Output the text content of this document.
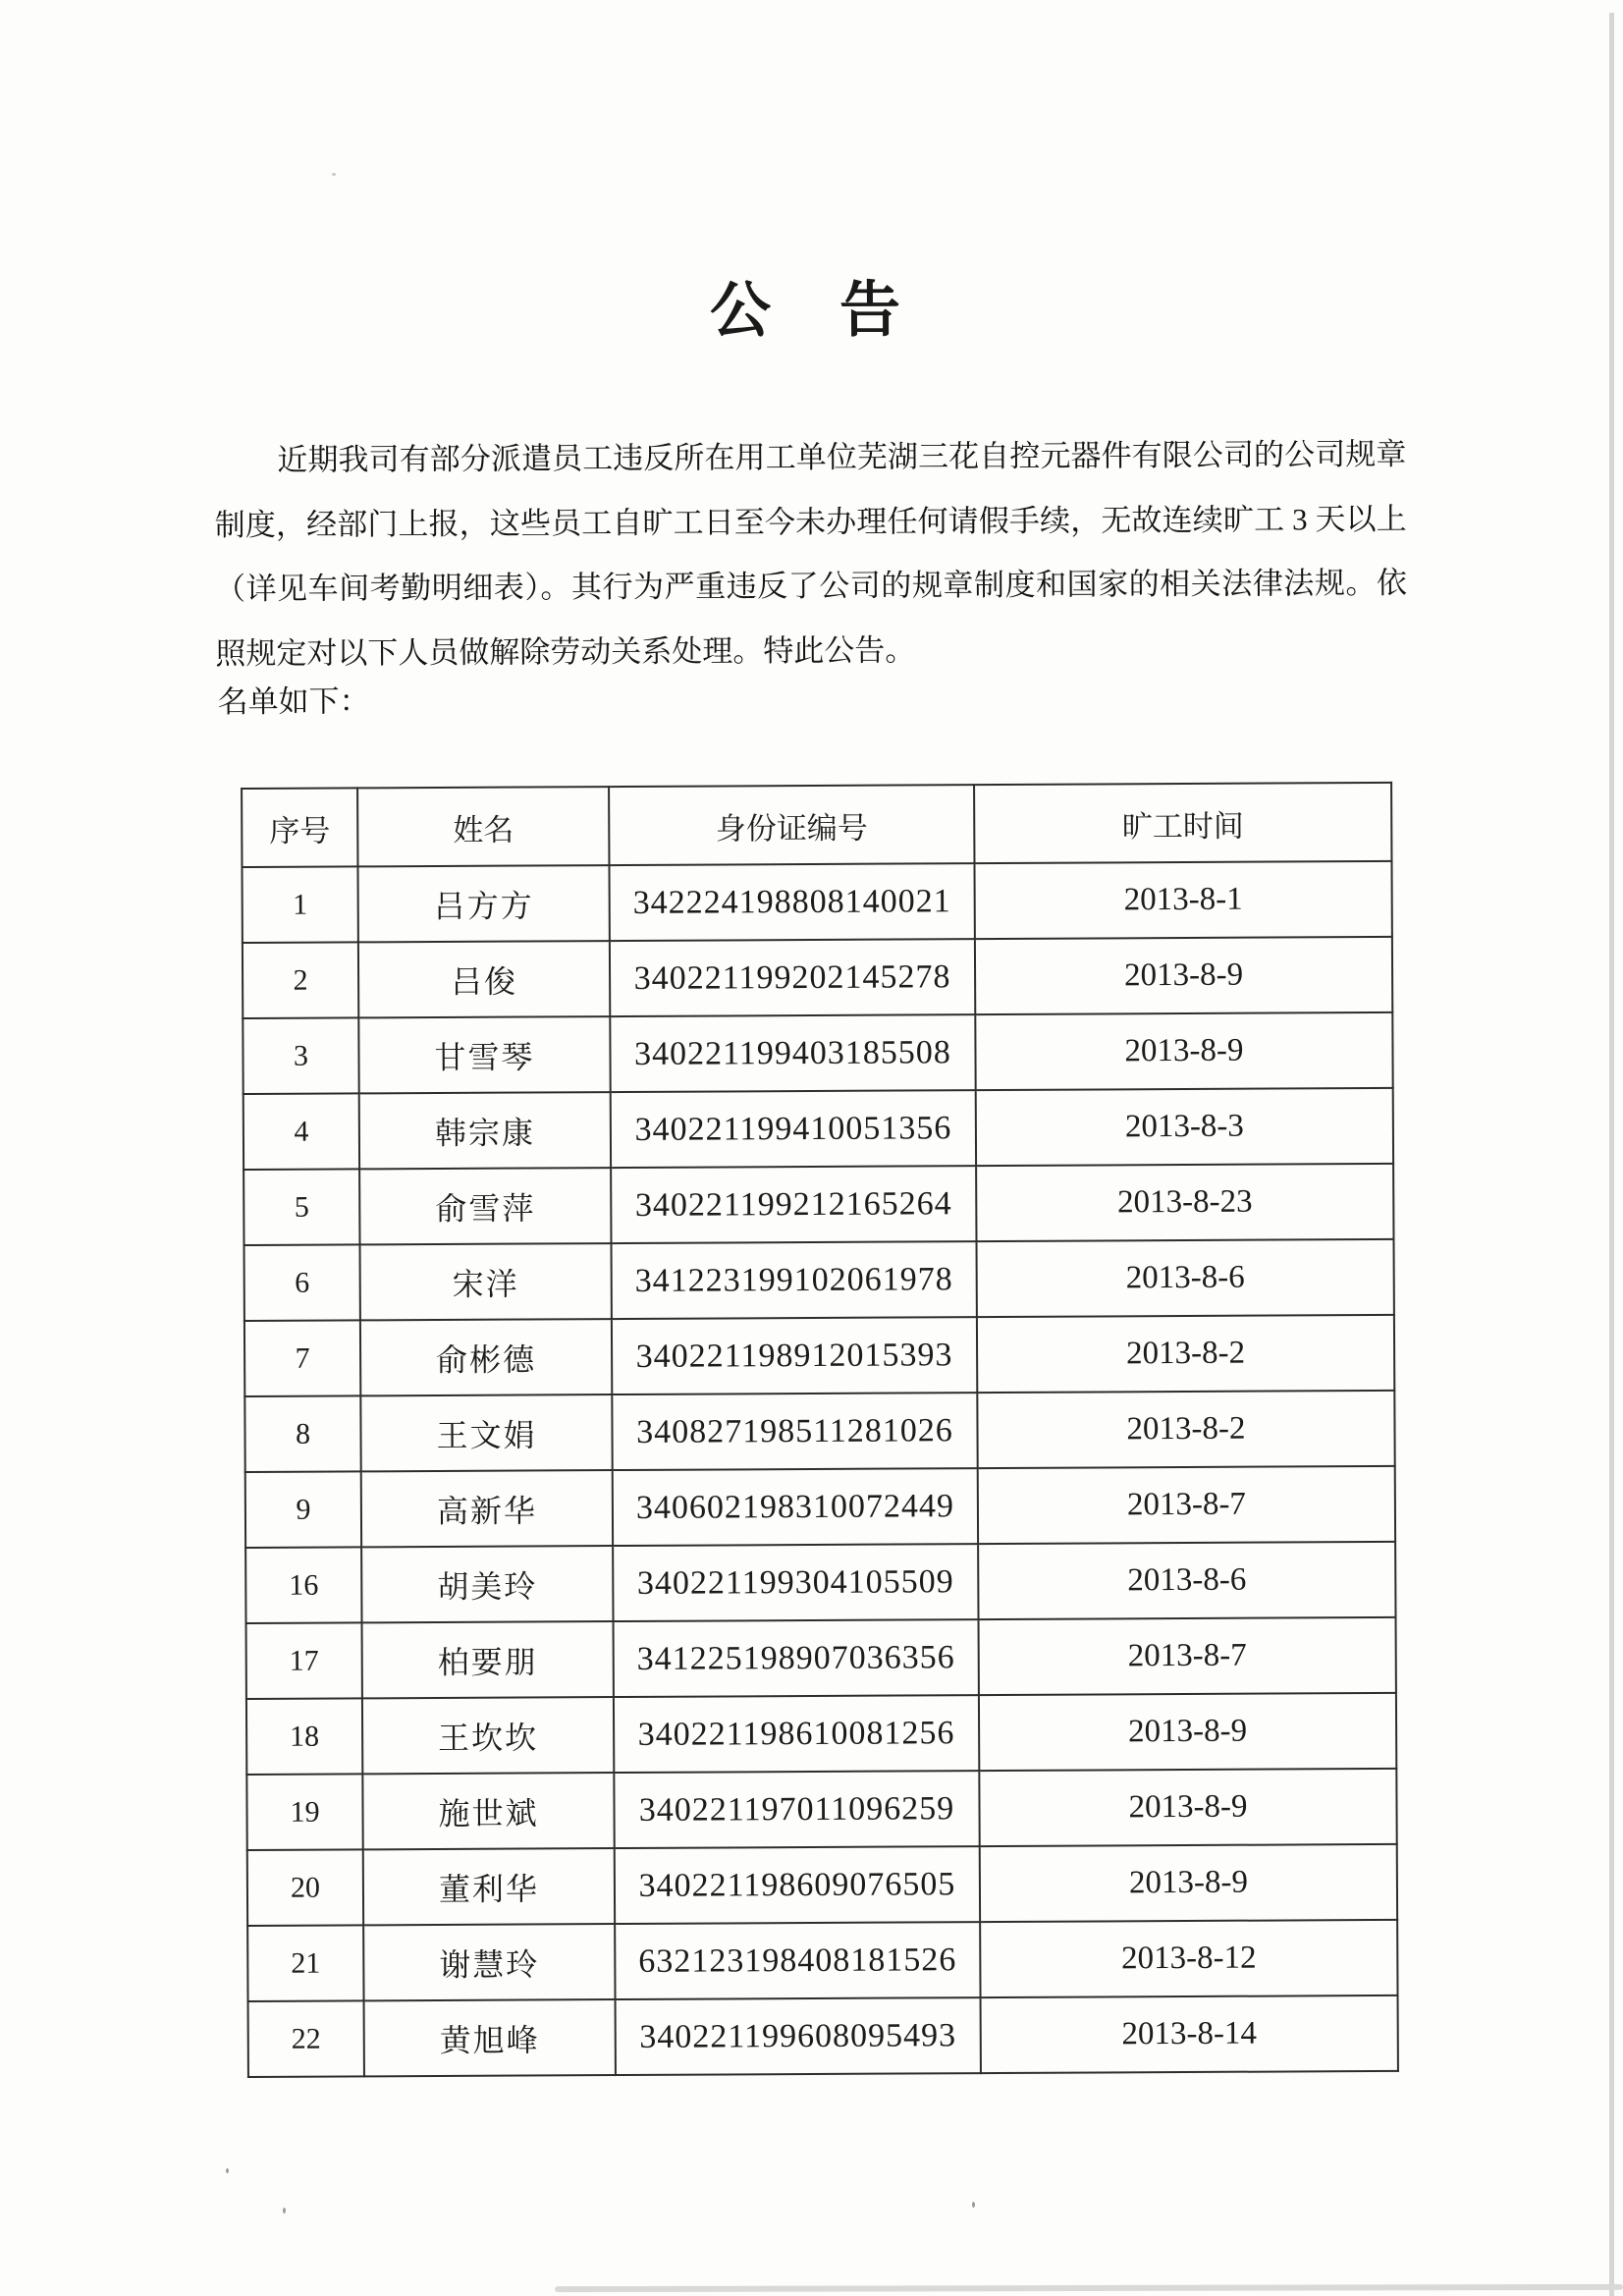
公　告

近期我司有部分派遣员工违反所在用工单位芜湖三花自控元器件有限公司的公司规章制度，经部门上报，这些员工自旷工日至今未办理任何请假手续，无故连续旷工 3 天以上（详见车间考勤明细表）。其行为严重违反了公司的规章制度和国家的相关法律法规。依照规定对以下人员做解除劳动关系处理。特此公告。

名单如下：
序号	姓名	身份证编号	旷工时间
1	吕方方	342224198808140021	2013-8-1
2	吕俊	340221199202145278	2013-8-9
3	甘雪琴	340221199403185508	2013-8-9
4	韩宗康	340221199410051356	2013-8-3
5	俞雪萍	340221199212165264	2013-8-23
6	宋洋	341223199102061978	2013-8-6
7	俞彬德	340221198912015393	2013-8-2
8	王文娟	340827198511281026	2013-8-2
9	高新华	340602198310072449	2013-8-7
16	胡美玲	340221199304105509	2013-8-6
17	柏要朋	341225198907036356	2013-8-7
18	王坎坎	340221198610081256	2013-8-9
19	施世斌	340221197011096259	2013-8-9
20	董利华	340221198609076505	2013-8-9
21	谢慧玲	632123198408181526	2013-8-12
22	黄旭峰	340221199608095493	2013-8-14
